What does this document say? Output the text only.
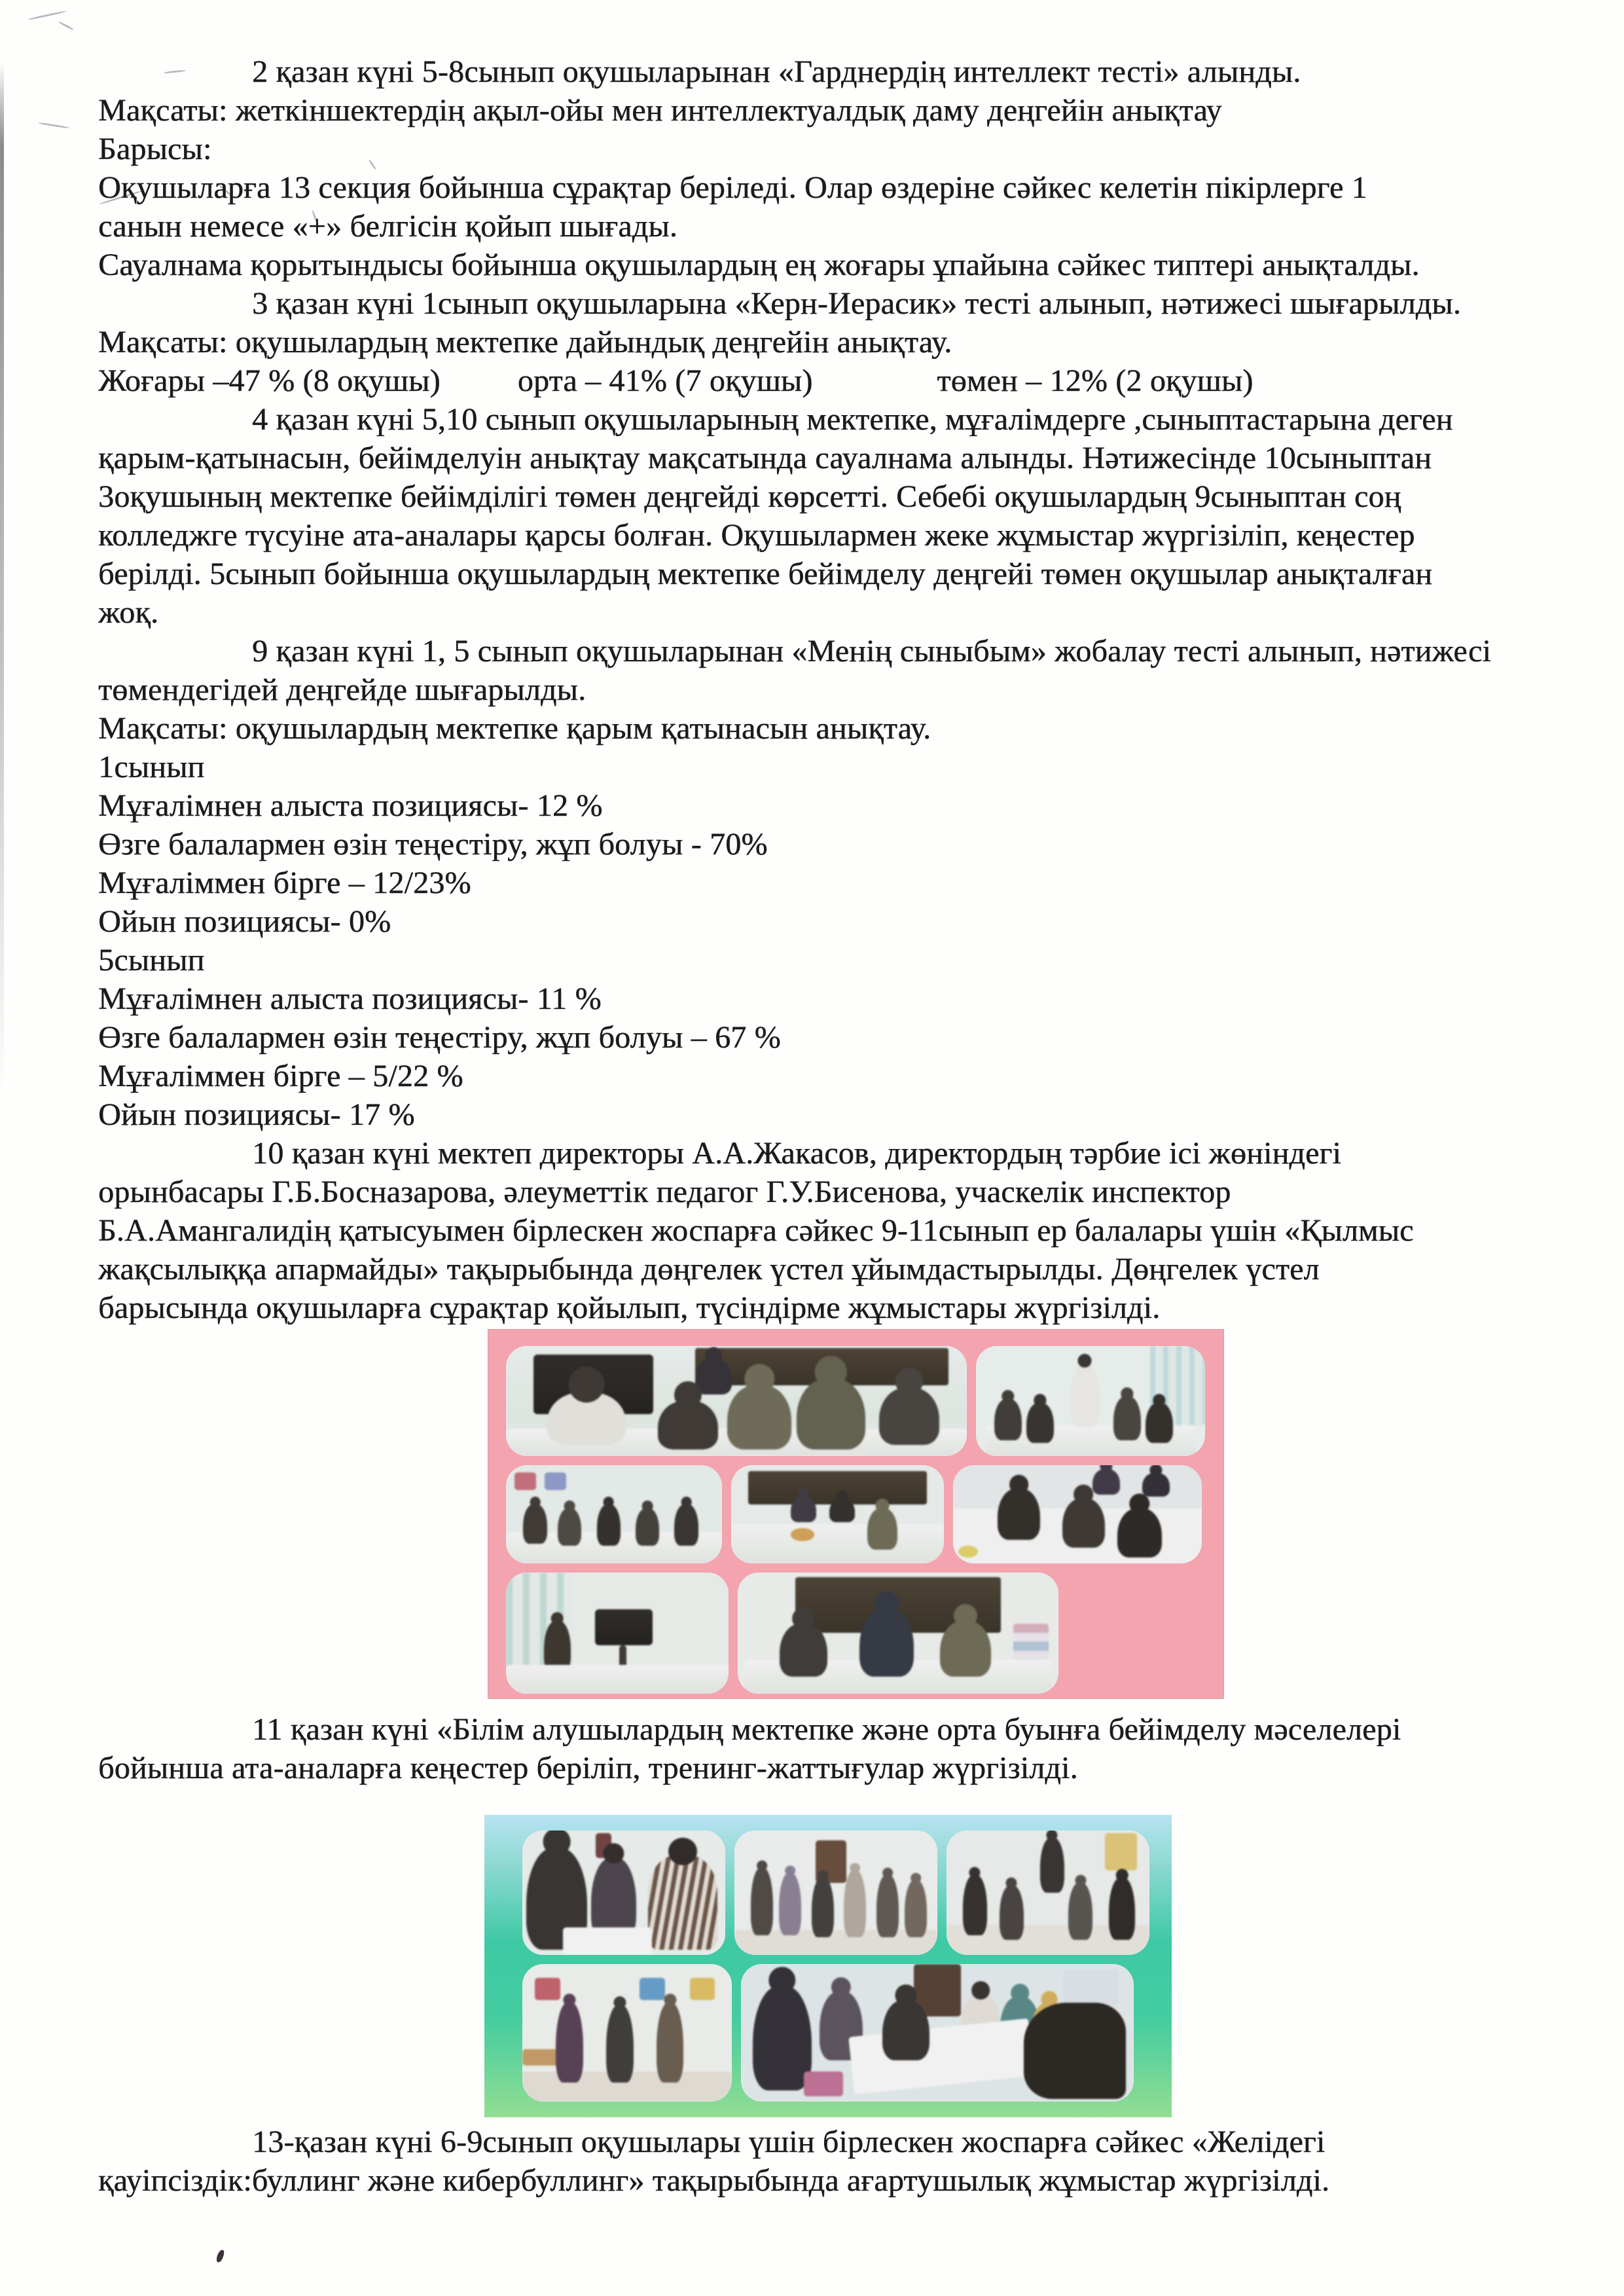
2 қазан күні 5-8сынып оқушыларынан «Гарднердің интеллект тесті» алынды.
Мақсаты: жеткіншектердің ақыл-ойы мен интеллектуалдық даму деңгейін анықтау
Барысы:
Оқушыларға 13 секция бойынша сұрақтар беріледі. Олар өздеріне сәйкес келетін пікірлерге 1
санын немесе «+» белгісін қойып шығады.
Сауалнама қорытындысы бойынша оқушылардың ең жоғары ұпайына сәйкес типтері анықталды.
3 қазан күні 1сынып оқушыларына «Керн-Иерасик» тесті алынып, нәтижесі шығарылды.
Мақсаты: оқушылардың мектепке дайындық деңгейін анықтау.
Жоғары –47 % (8 оқушы) орта – 41% (7 оқушы)	төмен – 12% (2 оқушы)
4 қазан күні 5,10 сынып оқушыларының мектепке, мұғалімдерге ,сыныптастарына деген
қарым-қатынасын, бейімделуін анықтау мақсатында сауалнама алынды. Нәтижесінде 10сыныптан
3оқушының мектепке бейімділігі төмен деңгейді көрсетті. Себебі оқушылардың 9сыныптан соң
колледжге түсуіне ата-аналары қарсы болған. Оқушылармен жеке жұмыстар жүргізіліп, кеңестер
берілді. 5сынып бойынша оқушылардың мектепке бейімделу деңгейі төмен оқушылар анықталған
жоқ.
9 қазан күні 1, 5 сынып оқушыларынан «Менің сыныбым» жобалау тесті алынып, нәтижесі
төмендегідей деңгейде шығарылды.
Мақсаты: оқушылардың мектепке қарым қатынасын анықтау.
1сынып
Мұғалімнен алыста позициясы- 12 %
Өзге балалармен өзін теңестіру, жұп болуы - 70%
Мұғаліммен бірге – 12/23%
Ойын позициясы- 0%
5сынып
Мұғалімнен алыста позициясы- 11 %
Өзге балалармен өзін теңестіру, жұп болуы – 67 %
Мұғаліммен бірге – 5/22 %
Ойын позициясы- 17 %
10 қазан күні мектеп директоры А.А.Жакасов, директордың тәрбие ісі жөніндегі
орынбасары Г.Б.Босназарова, әлеуметтік педагог Г.У.Бисенова, учаскелік инспектор
Б.А.Амангалидің қатысуымен бірлескен жоспарға сәйкес 9-11сынып ер балалары үшін «Қылмыс
жақсылыққа апармайды» тақырыбында дөңгелек үстел ұйымдастырылды. Дөңгелек үстел
барысында оқушыларға сұрақтар қойылып, түсіндірме жұмыстары жүргізілді.
11 қазан күні «Білім алушылардың мектепке және орта буынға бейімделу мәселелері
бойынша ата-аналарға кеңестер беріліп, тренинг-жаттығулар жүргізілді.
13-қазан күні 6-9сынып оқушылары үшін бірлескен жоспарға сәйкес «Желідегі
қауіпсіздік:буллинг және кибербуллинг» тақырыбында ағартушылық жұмыстар жүргізілді.
